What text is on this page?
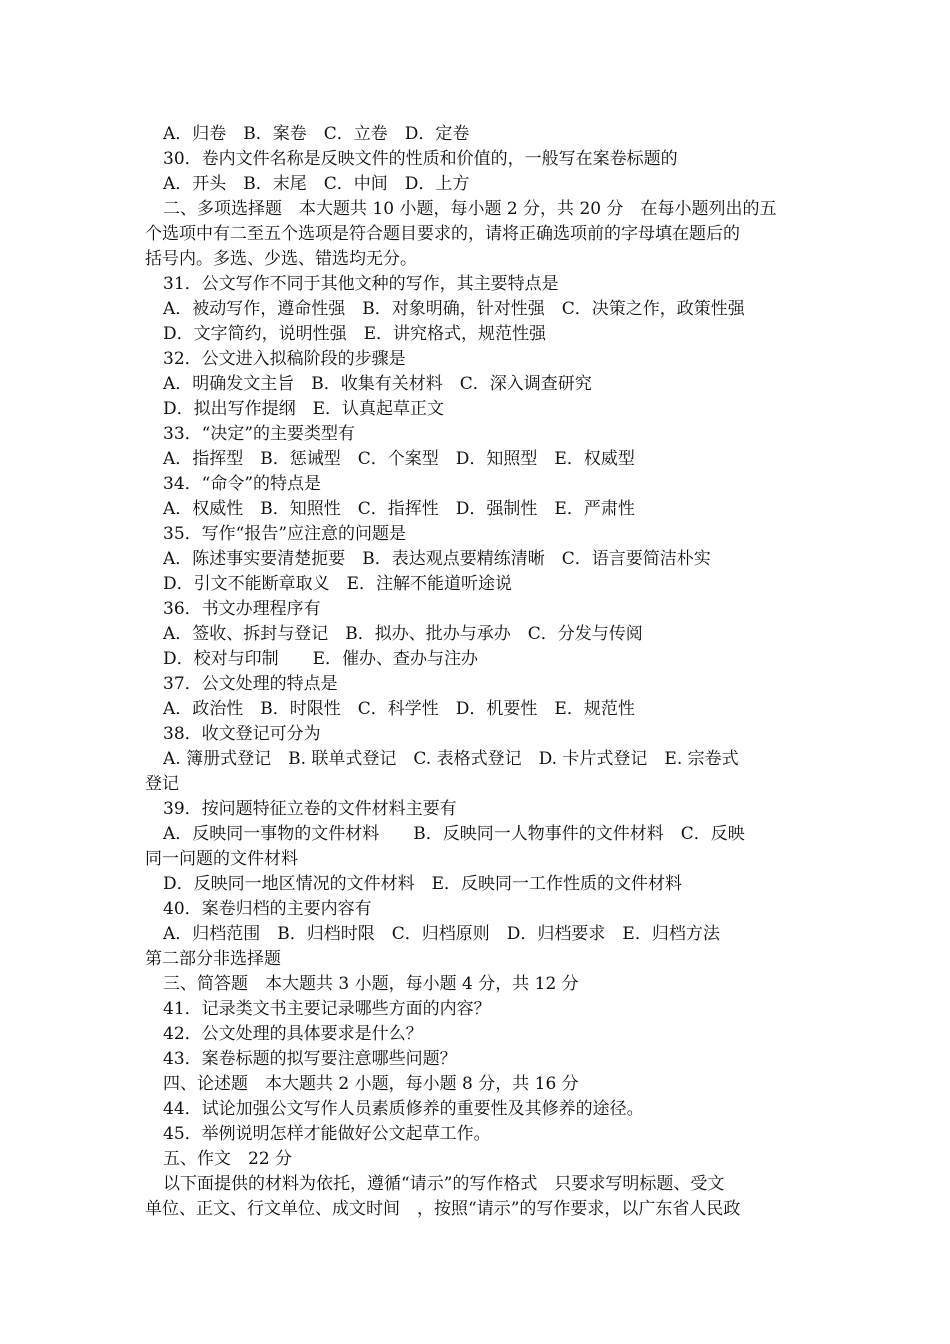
A．归卷　B．案卷　C．立卷　D．定卷
30．卷内文件名称是反映文件的性质和价值的，一般写在案卷标题的
A．开头　B．末尾　C．中间　D．上方
二、多项选择题　本大题共 10 小题，每小题 2 分，共 20 分　在每小题列出的五
个选项中有二至五个选项是符合题目要求的，请将正确选项前的字母填在题后的
括号内。多选、少选、错选均无分。
31．公文写作不同于其他文种的写作，其主要特点是
A．被动写作，遵命性强　B．对象明确，针对性强　C．决策之作，政策性强
D．文字简约，说明性强　E．讲究格式，规范性强
32．公文进入拟稿阶段的步骤是
A．明确发文主旨　B．收集有关材料　C．深入调查研究
D．拟出写作提纲　E．认真起草正文
33．“决定”的主要类型有
A．指挥型　B．惩诫型　C．个案型　D．知照型　E．权威型
34．“命令”的特点是
A．权威性　B．知照性　C．指挥性　D．强制性　E．严肃性
35．写作“报告”应注意的问题是
A．陈述事实要清楚扼要　B．表达观点要精练清晰　C．语言要简洁朴实
D．引文不能断章取义　E．注解不能道听途说
36．书文办理程序有
A．签收、拆封与登记　B．拟办、批办与承办　C．分发与传阅
D．校对与印制　　E．催办、查办与注办
37．公文处理的特点是
A．政治性　B．时限性　C．科学性　D．机要性　E．规范性
38．收文登记可分为
A. 簿册式登记　B. 联单式登记　C. 表格式登记　D. 卡片式登记　E. 宗卷式
登记
39．按问题特征立卷的文件材料主要有
A．反映同一事物的文件材料　　B．反映同一人物事件的文件材料　C．反映
同一问题的文件材料
D．反映同一地区情况的文件材料　E．反映同一工作性质的文件材料
40．案卷归档的主要内容有
A．归档范围　B．归档时限　C．归档原则　D．归档要求　E．归档方法
第二部分非选择题
三、简答题　本大题共 3 小题，每小题 4 分，共 12 分
41．记录类文书主要记录哪些方面的内容？
42．公文处理的具体要求是什么？
43．案卷标题的拟写要注意哪些问题？
四、论述题　本大题共 2 小题，每小题 8 分，共 16 分
44．试论加强公文写作人员素质修养的重要性及其修养的途径。
45．举例说明怎样才能做好公文起草工作。
五、作文　22 分
以下面提供的材料为依托，遵循“请示”的写作格式　只要求写明标题、受文
单位、正文、行文单位、成文时间　，按照“请示”的写作要求，以广东省人民政
